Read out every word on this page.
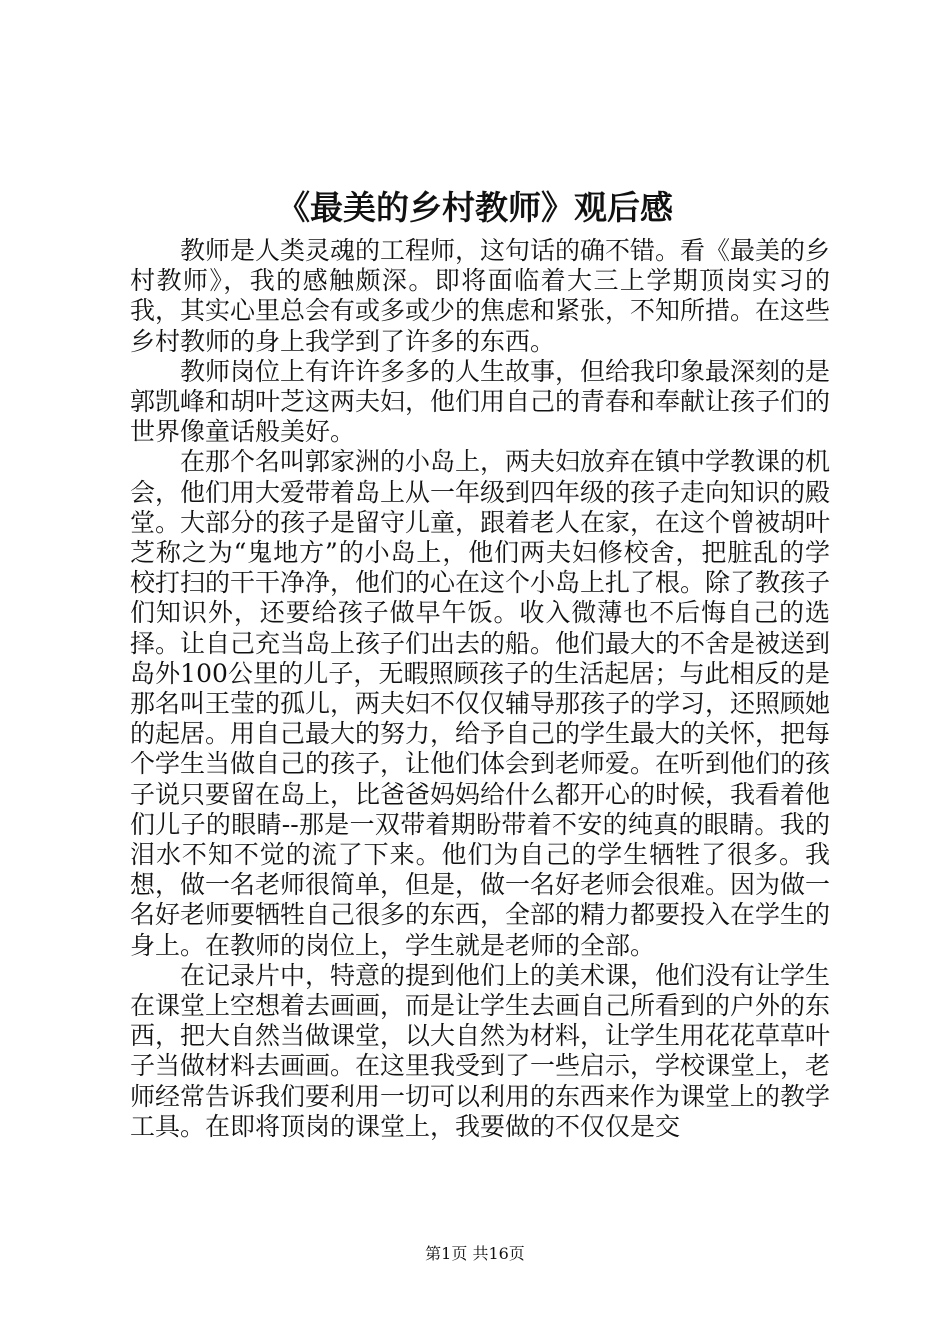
《最美的乡村教师》观后感

教师是人类灵魂的工程师，这句话的确不错。看《最美的乡村教师》，我的感触颇深。即将面临着大三上学期顶岗实习的我，其实心里总会有或多或少的焦虑和紧张，不知所措。在这些乡村教师的身上我学到了许多的东西。

教师岗位上有许许多多的人生故事，但给我印象最深刻的是郭凯峰和胡叶芝这两夫妇，他们用自己的青春和奉献让孩子们的世界像童话般美好。

在那个名叫郭家洲的小岛上，两夫妇放弃在镇中学教课的机会，他们用大爱带着岛上从一年级到四年级的孩子走向知识的殿堂。大部分的孩子是留守儿童，跟着老人在家，在这个曾被胡叶芝称之为“鬼地方”的小岛上，他们两夫妇修校舍，把脏乱的学校打扫的干干净净，他们的心在这个小岛上扎了根。除了教孩子们知识外，还要给孩子做早午饭。收入微薄也不后悔自己的选择。让自己充当岛上孩子们出去的船。他们最大的不舍是被送到岛外100公里的儿子，无暇照顾孩子的生活起居；与此相反的是那名叫王莹的孤儿，两夫妇不仅仅辅导那孩子的学习，还照顾她的起居。用自己最大的努力，给予自己的学生最大的关怀，把每个学生当做自己的孩子，让他们体会到老师爱。在听到他们的孩子说只要留在岛上，比爸爸妈妈给什么都开心的时候，我看着他们儿子的眼睛--那是一双带着期盼带着不安的纯真的眼睛。我的泪水不知不觉的流了下来。他们为自己的学生牺牲了很多。我想，做一名老师很简单，但是，做一名好老师会很难。因为做一名好老师要牺牲自己很多的东西，全部的精力都要投入在学生的身上。在教师的岗位上，学生就是老师的全部。

在记录片中，特意的提到他们上的美术课，他们没有让学生在课堂上空想着去画画，而是让学生去画自己所看到的户外的东西，把大自然当做课堂，以大自然为材料，让学生用花花草草叶子当做材料去画画。在这里我受到了一些启示，学校课堂上，老师经常告诉我们要利用一切可以利用的东西来作为课堂上的教学工具。在即将顶岗的课堂上，我要做的不仅仅是交

第1页 共16页
